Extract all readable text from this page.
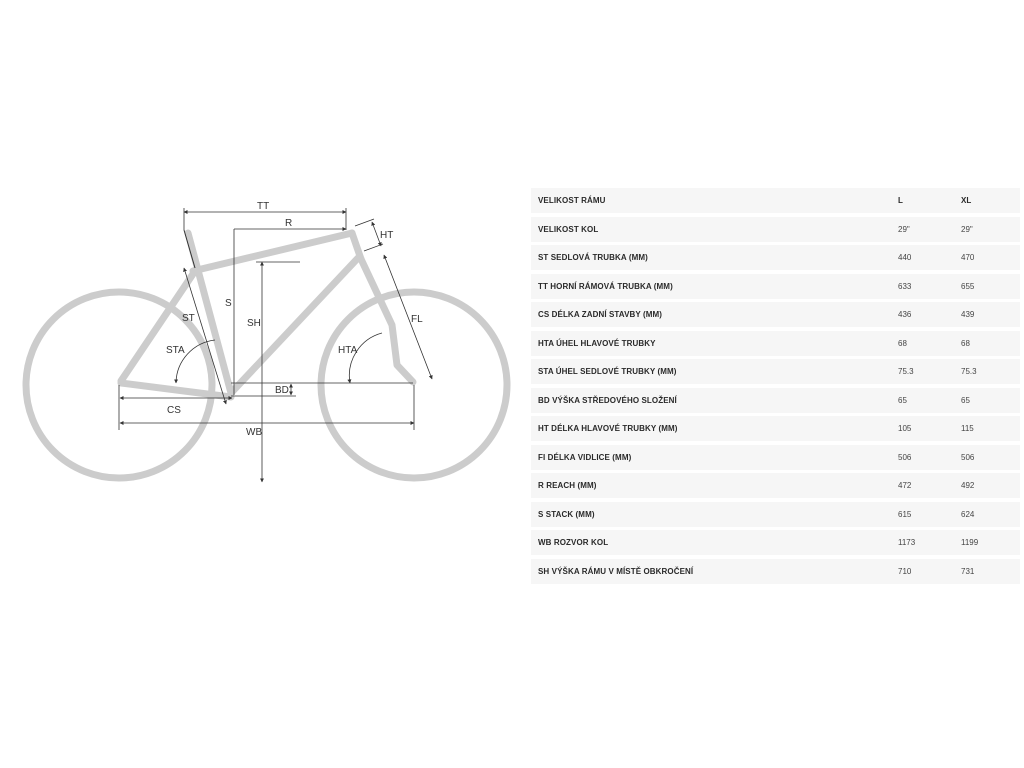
TT
R
HT
S
ST	SH	FL
STA	HTA
BD
CS
WB
VELIKOST RÁMU	L	XL
VELIKOST KOL	29"	29"
ST SEDLOVÁ TRUBKA (MM)	440	470
TT HORNÍ RÁMOVÁ TRUBKA (MM)	633	655
CS DÉLKA ZADNÍ STAVBY (MM)	436	439
HTA ÚHEL HLAVOVÉ TRUBKY	68	68
STA ÚHEL SEDLOVÉ TRUBKY (MM)	75.3	75.3
BD VÝŠKA STŘEDOVÉHO SLOŽENÍ	65	65
HT DÉLKA HLAVOVÉ TRUBKY (MM)	105	115
FI DÉLKA VIDLICE (MM)	506	506
R REACH (MM)	472	492
S STACK (MM)	615	624
WB ROZVOR KOL	1173	1199
SH VÝŠKA RÁMU V MÍSTĚ OBKROČENÍ	710	731
